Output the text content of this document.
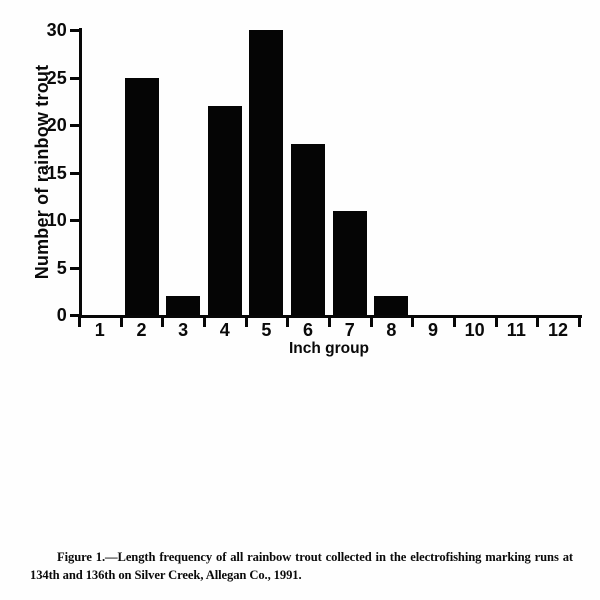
Number of rainbow trout
0
5
10
15
20
25
30
1	2	3	4	5	6	7	8	9	10	11	12
Inch group

Figure 1.—Length frequency of all rainbow trout collected in the electrofishing marking runs at 134th and 136th on Silver Creek, Allegan Co., 1991.
